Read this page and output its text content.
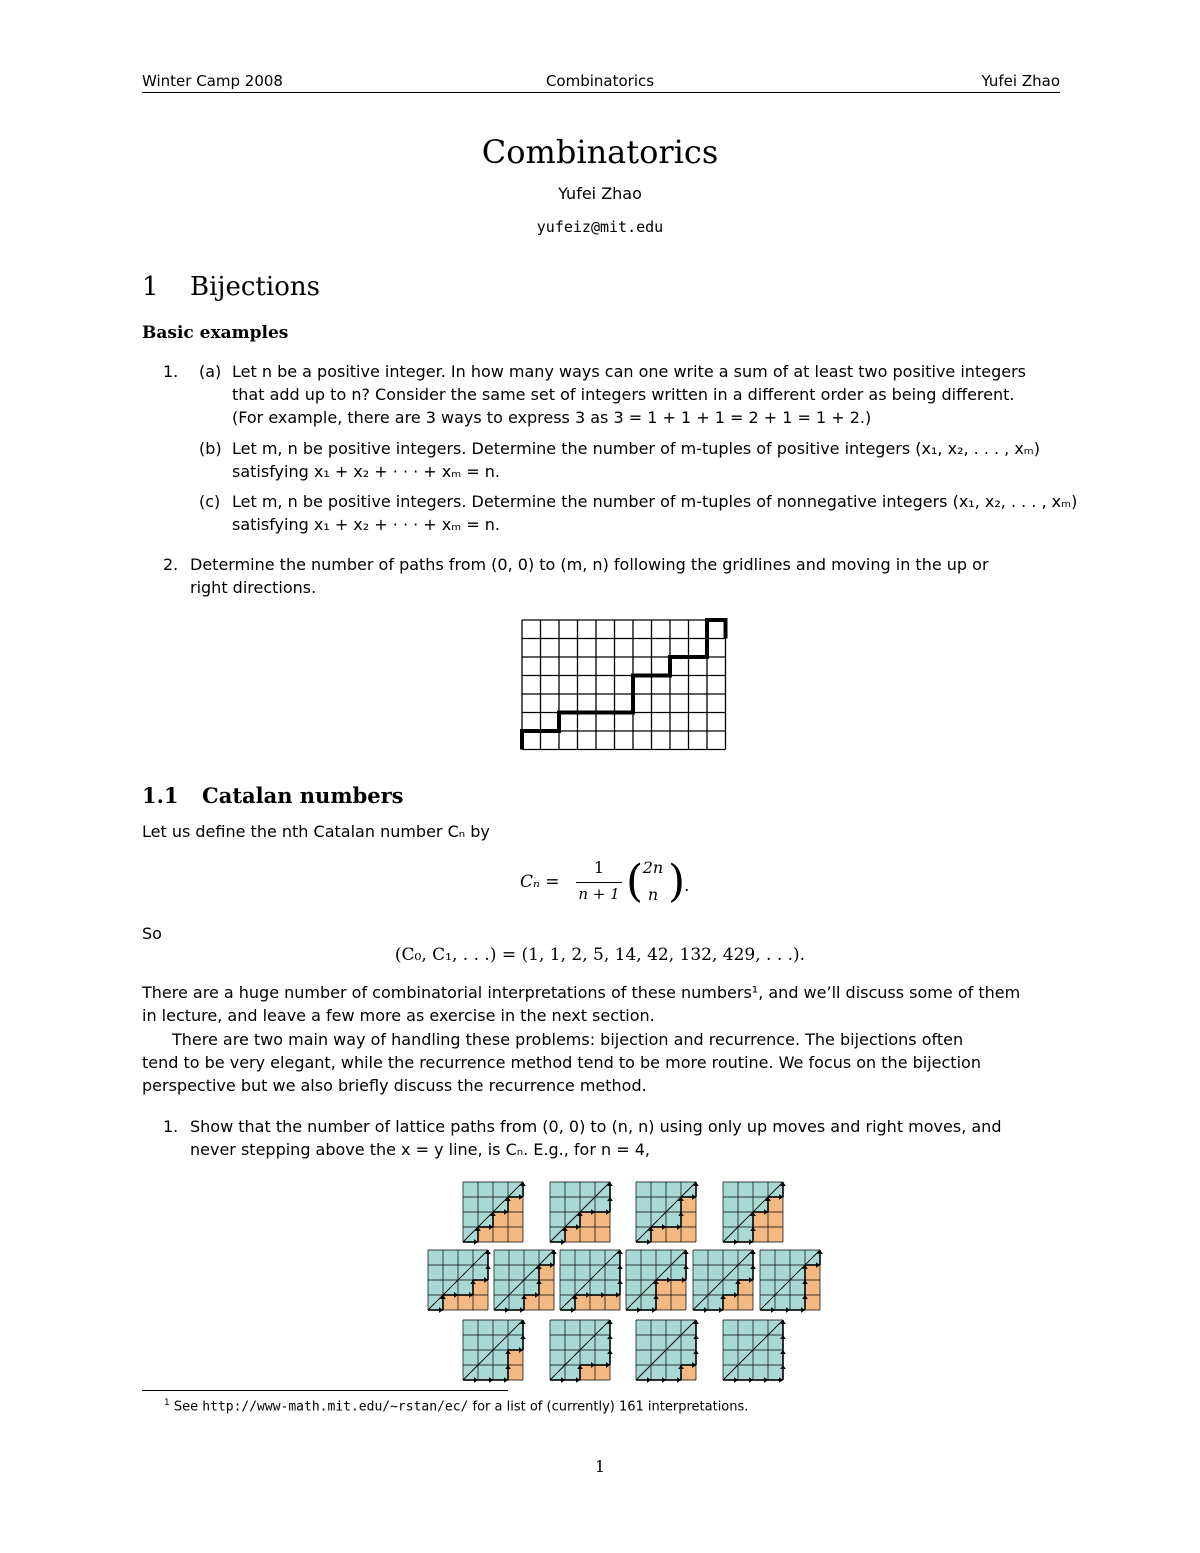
Winter Camp 2008	Combinatorics	Yufei Zhao
Combinatorics
Yufei Zhao
yufeiz@mit.edu
1 Bijections
Basic examples
1. (a) Let n be a positive integer. In how many ways can one write a sum of at least two positive integers
that add up to n? Consider the same set of integers written in a different order as being different.
(For example, there are 3 ways to express 3 as 3 = 1 + 1 + 1 = 2 + 1 = 1 + 2.)
(b) Let m, n be positive integers. Determine the number of m-tuples of positive integers (x₁, x₂, . . . , xₘ)
satisfying x₁ + x₂ + · · · + xₘ = n.
(c) Let m, n be positive integers. Determine the number of m-tuples of nonnegative integers (x₁, x₂, . . . , xₘ)
satisfying x₁ + x₂ + · · · + xₘ = n.
2. Determine the number of paths from (0, 0) to (m, n) following the gridlines and moving in the up or
right directions.
1.1 Catalan numbers
Let us define the nth Catalan number Cₙ by
Cₙ =
1
n + 1 ( 2n
n )
.
So
(C₀, C₁, . . .) = (1, 1, 2, 5, 14, 42, 132, 429, . . .).
There are a huge number of combinatorial interpretations of these numbers¹, and we’ll discuss some of them
in lecture, and leave a few more as exercise in the next section.
There are two main way of handling these problems: bijection and recurrence. The bijections often
tend to be very elegant, while the recurrence method tend to be more routine. We focus on the bijection
perspective but we also briefly discuss the recurrence method.
1. Show that the number of lattice paths from (0, 0) to (n, n) using only up moves and right moves, and
never stepping above the x = y line, is Cₙ. E.g., for n = 4,
$^1$ See http://www-math.mit.edu/~rstan/ec/ for a list of (currently) 161 interpretations.
1
